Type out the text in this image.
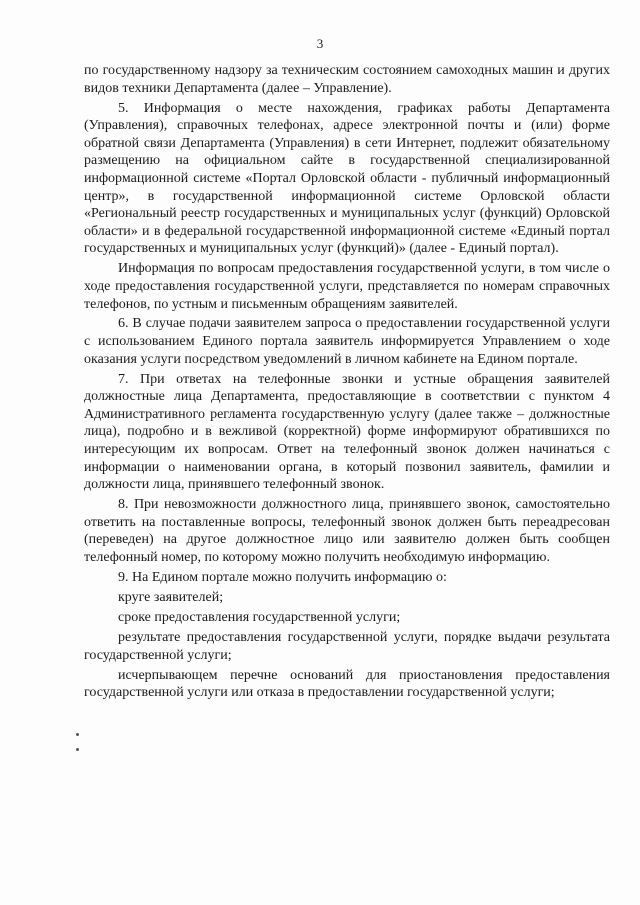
3

по государственному надзору за техническим состоянием самоходных машин и других видов техники Департамента (далее – Управление).

5. Информация о месте нахождения, графиках работы Департамента (Управления), справочных телефонах, адресе электронной почты и (или) форме обратной связи Департамента (Управления) в сети Интернет, подлежит обязательному размещению на официальном сайте в государственной специализированной информационной системе «Портал Орловской области - публичный информационный центр», в государственной информационной системе Орловской области «Региональный реестр государственных и муниципальных услуг (функций) Орловской области» и в федеральной государственной информационной системе «Единый портал государственных и муниципальных услуг (функций)» (далее - Единый портал).

Информация по вопросам предоставления государственной услуги, в том числе о ходе предоставления государственной услуги, представляется по номерам справочных телефонов, по устным и письменным обращениям заявителей.

6. В случае подачи заявителем запроса о предоставлении государственной услуги с использованием Единого портала заявитель информируется Управлением о ходе оказания услуги посредством уведомлений в личном кабинете на Едином портале.

7. При ответах на телефонные звонки и устные обращения заявителей должностные лица Департамента, предоставляющие в соответствии с пунктом 4 Административного регламента государственную услугу (далее также – должностные лица), подробно и в вежливой (корректной) форме информируют обратившихся по интересующим их вопросам. Ответ на телефонный звонок должен начинаться с информации о наименовании органа, в который позвонил заявитель, фамилии и должности лица, принявшего телефонный звонок.

8. При невозможности должностного лица, принявшего звонок, самостоятельно ответить на поставленные вопросы, телефонный звонок должен быть переадресован (переведен) на другое должностное лицо или заявителю должен быть сообщен телефонный номер, по которому можно получить необходимую информацию.

9. На Едином портале можно получить информацию о:

круге заявителей;

сроке предоставления государственной услуги;

результате предоставления государственной услуги, порядке выдачи результата государственной услуги;

исчерпывающем перечне оснований для приостановления предоставления государственной услуги или отказа в предоставлении государственной услуги;
